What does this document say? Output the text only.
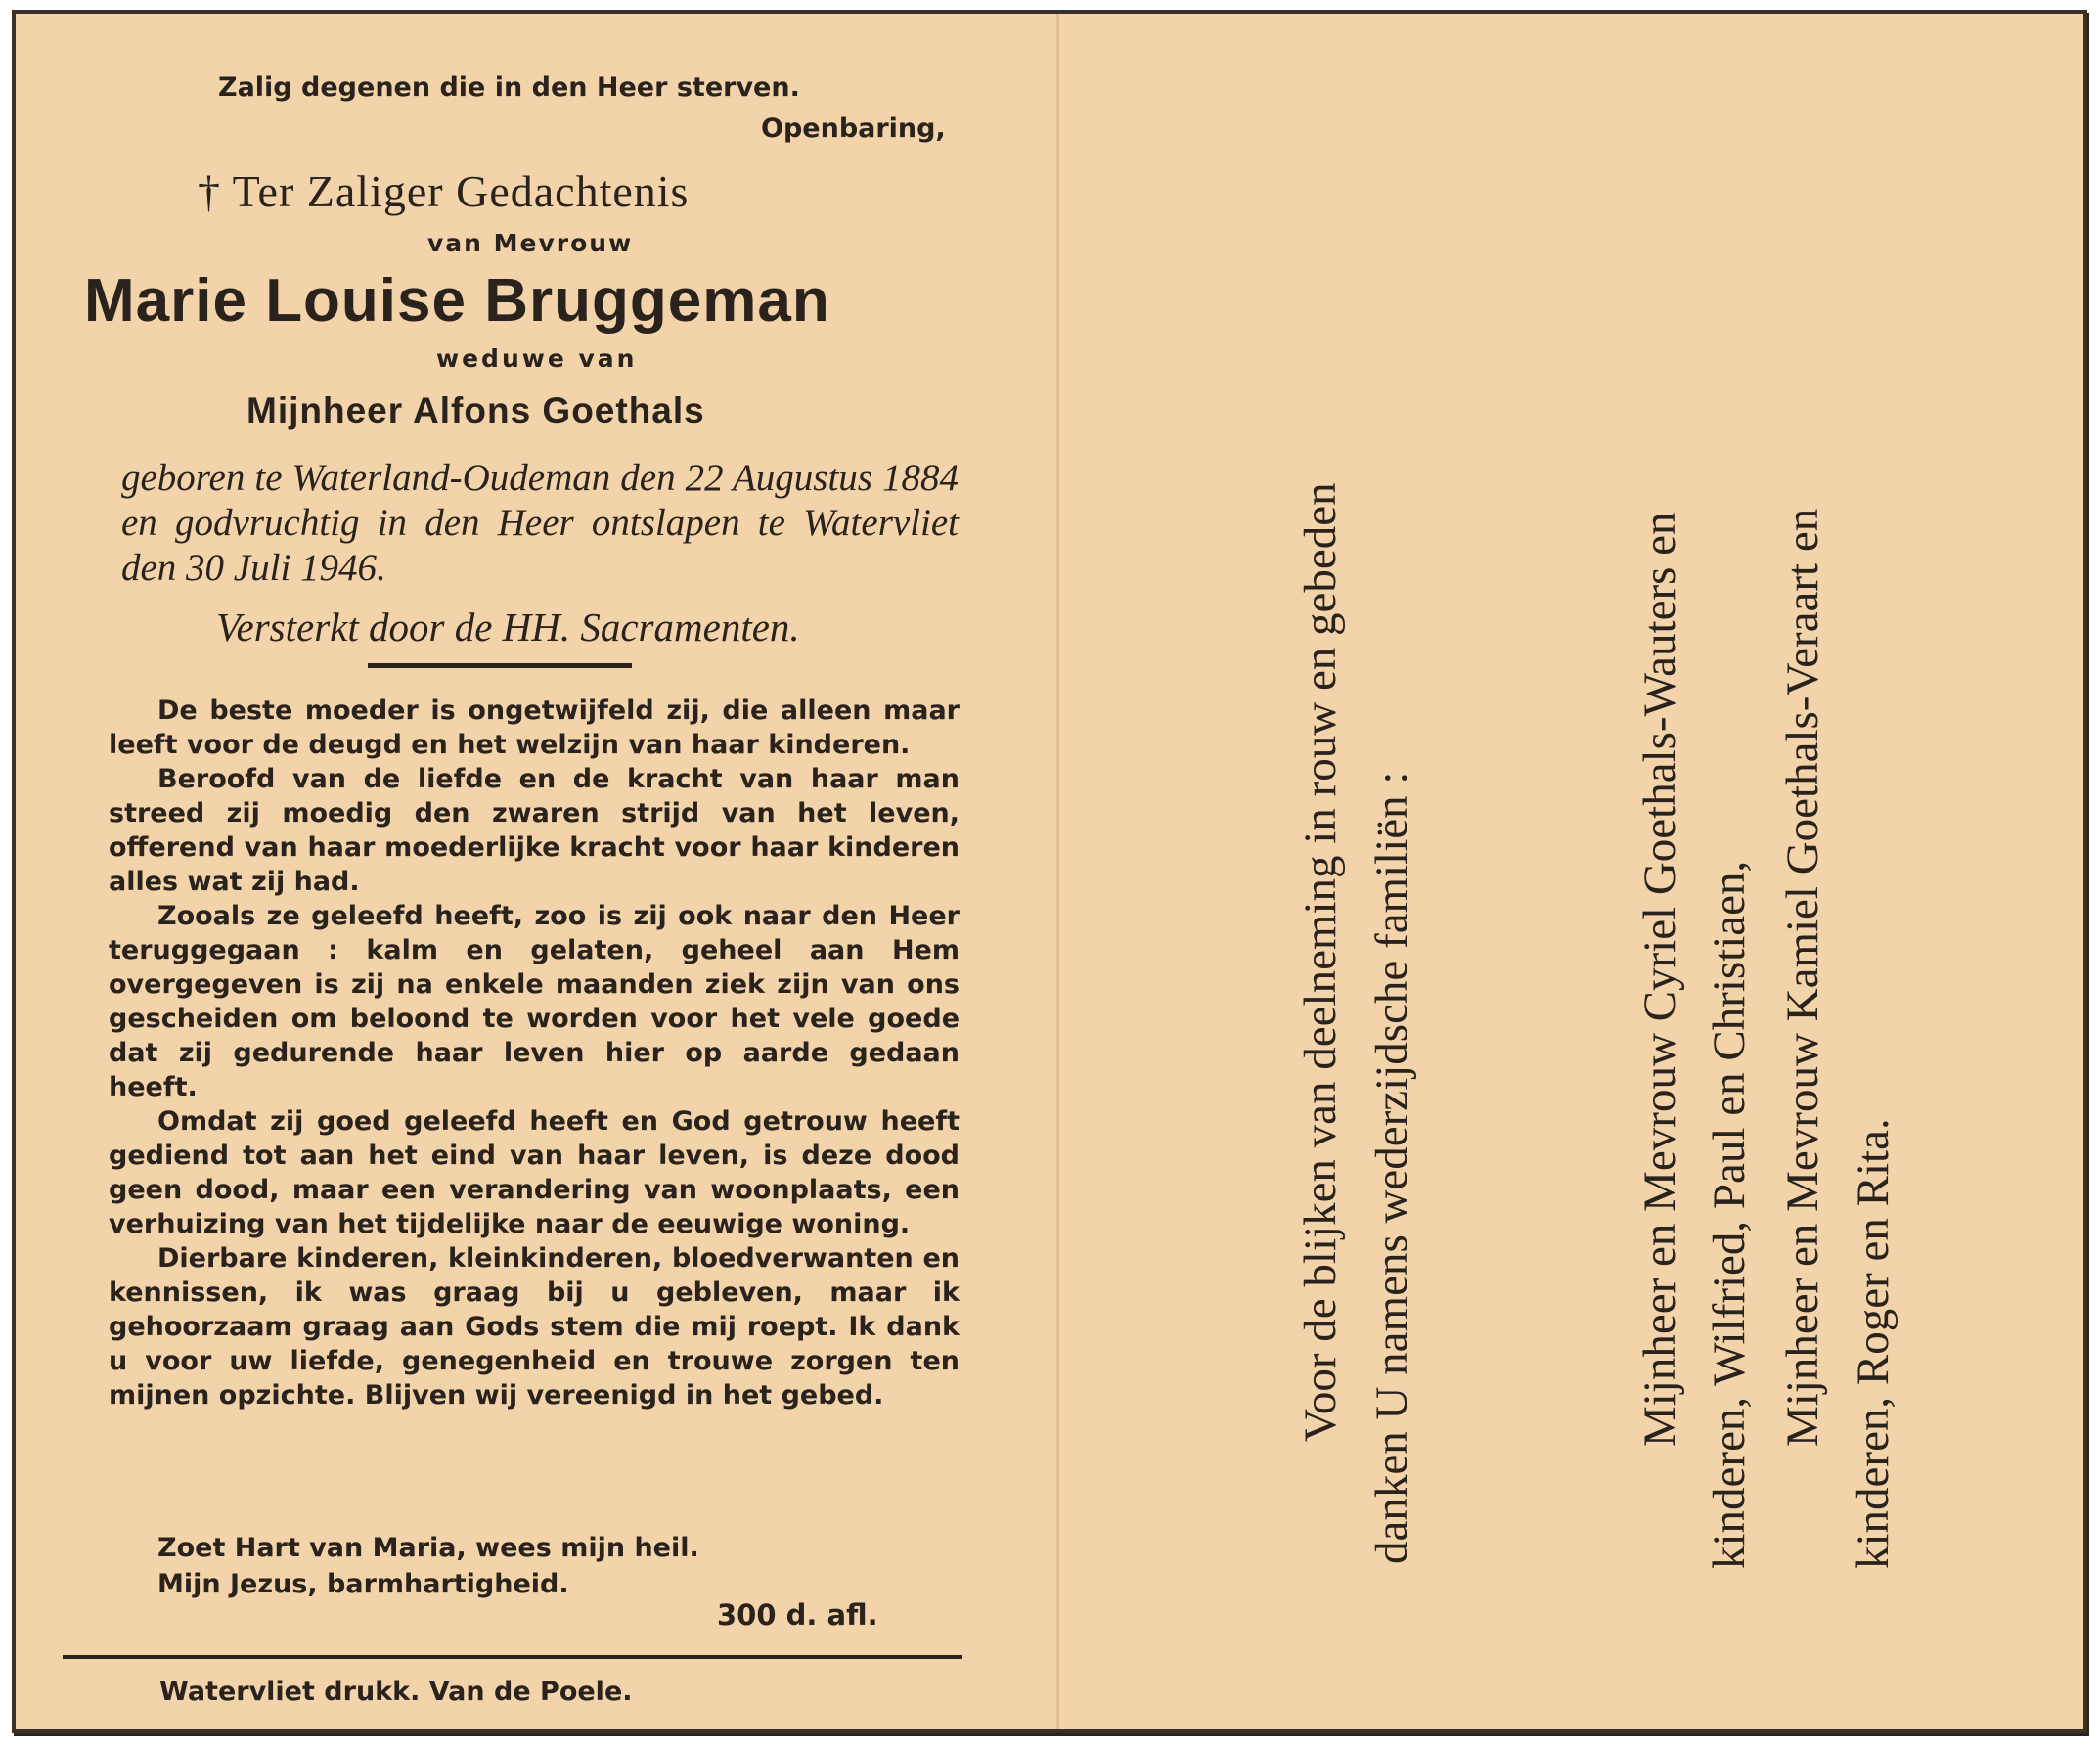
Zalig degenen die in den Heer sterven.
Openbaring,
† Ter Zaliger Gedachtenis
van Mevrouw
Marie Louise Bruggeman
weduwe van
Mijnheer Alfons Goethals
geboren te Waterland-Oudeman den 22 Augustus 1884 en godvruchtig in den Heer ontslapen te Watervliet den 30 Juli 1946.
Versterkt door de HH. Sacramenten.

De beste moeder is ongetwijfeld zij, die alleen maar leeft voor de deugd en het welzijn van haar kinderen.

Beroofd van de liefde en de kracht van haar man streed zij moedig den zwaren strijd van het leven, offerend van haar moederlijke kracht voor haar kinderen alles wat zij had.

Zooals ze geleefd heeft, zoo is zij ook naar den Heer teruggegaan : kalm en gelaten, geheel aan Hem overgegeven is zij na enkele maanden ziek zijn van ons gescheiden om beloond te worden voor het vele goede dat zij gedurende haar leven hier op aarde gedaan heeft.

Omdat zij goed geleefd heeft en God getrouw heeft gediend tot aan het eind van haar leven, is deze dood geen dood, maar een verandering van woonplaats, een verhuizing van het tijdelijke naar de eeuwige woning.

Dierbare kinderen, kleinkinderen, bloedverwanten en kennissen, ik was graag bij u gebleven, maar ik gehoorzaam graag aan Gods stem die mij roept. Ik dank u voor uw liefde, genegenheid en trouwe zorgen ten mijnen opzichte. Blijven wij vereenigd in het gebed.

Zoet Hart van Maria, wees mijn heil.
Mijn Jezus, barmhartigheid.
300 d. afl.
Watervliet drukk. Van de Poele.
Voor de blijken van deelneming in rouw en gebeden danken U namens wederzijdsche familiën :	Mijnheer en Mevrouw Cyriel Goethals-Wauters en kinderen, Wilfried, Paul en Christiaen, Mijnheer en Mevrouw Kamiel Goethals-Veraart en kinderen, Roger en Rita.
